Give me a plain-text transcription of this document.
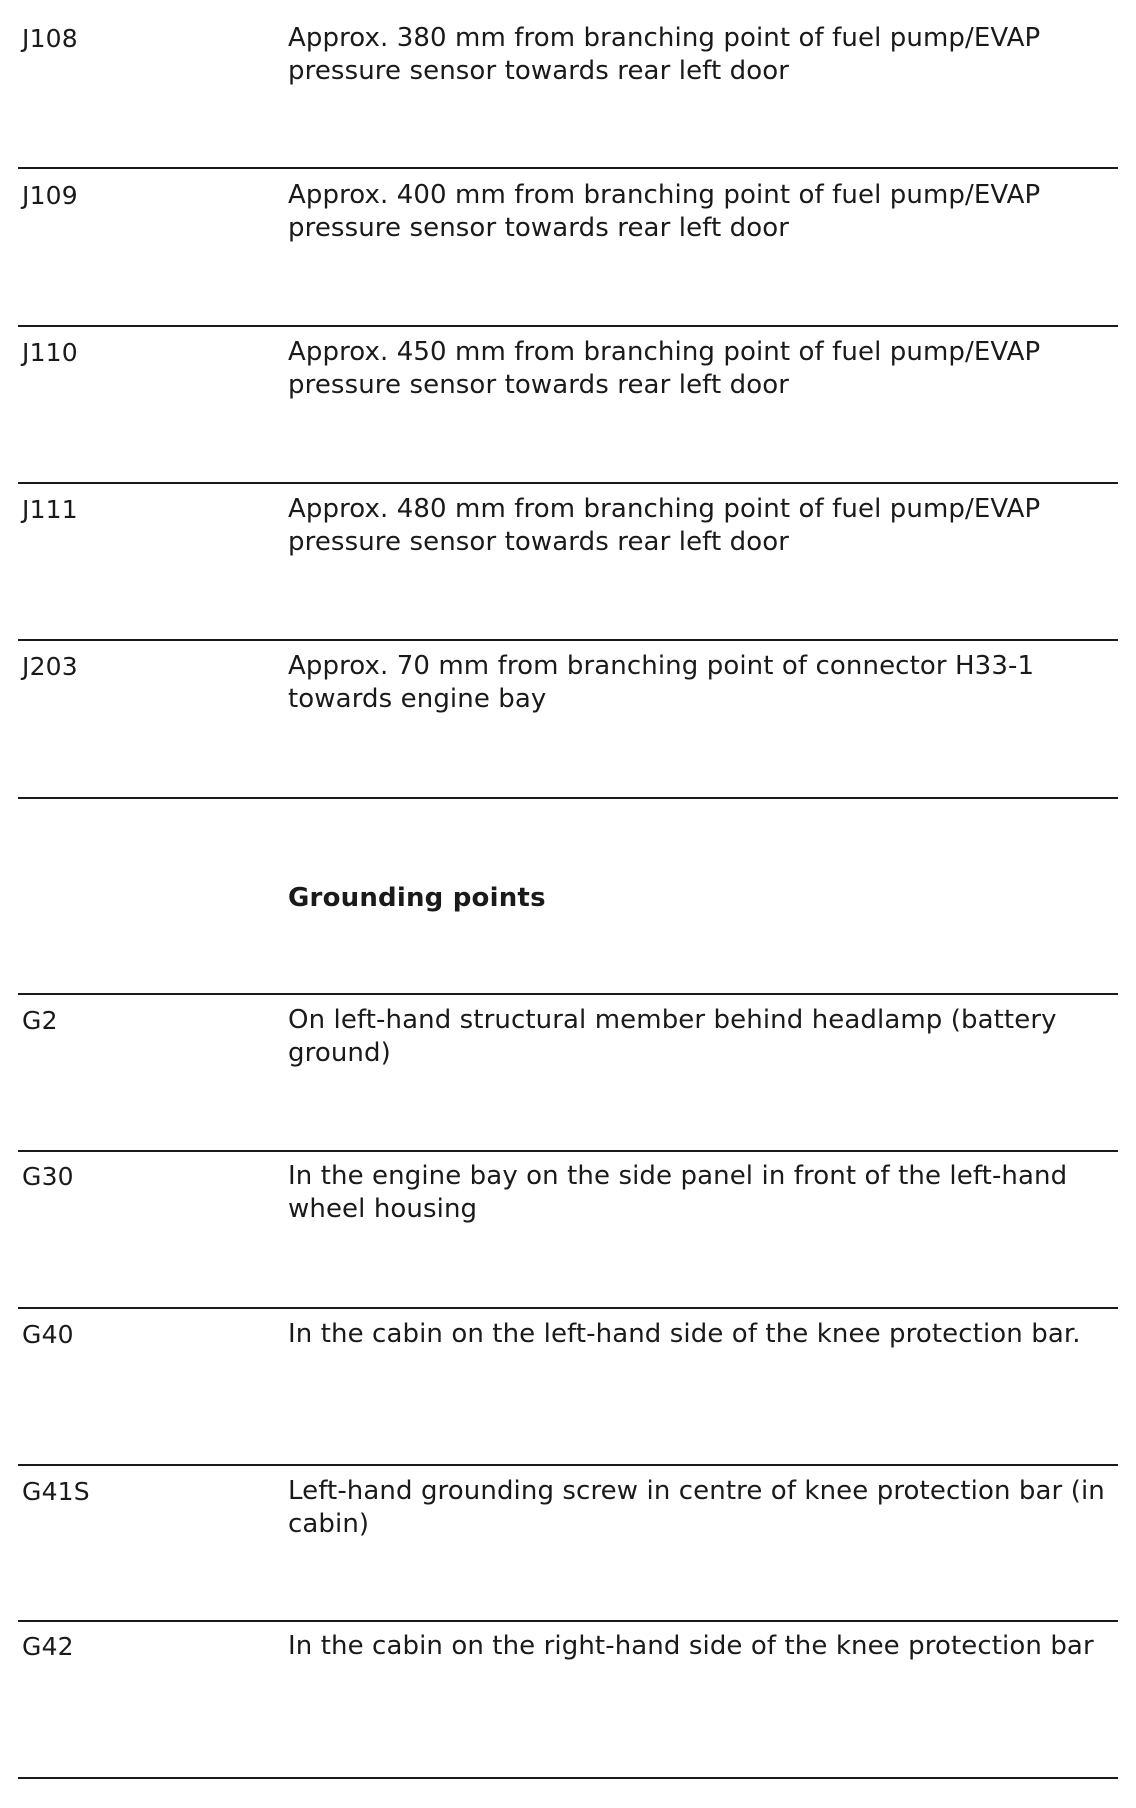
J108	Approx. 380 mm from branching point of fuel pump/EVAP pressure sensor towards rear left door
J109	Approx. 400 mm from branching point of fuel pump/EVAP pressure sensor towards rear left door
J110	Approx. 450 mm from branching point of fuel pump/EVAP pressure sensor towards rear left door
J111	Approx. 480 mm from branching point of fuel pump/EVAP pressure sensor towards rear left door
J203	Approx. 70 mm from branching point of connector H33-1 towards engine bay
Grounding points
G2	On left-hand structural member behind headlamp (battery ground)
G30	In the engine bay on the side panel in front of the left-hand wheel housing
G40	In the cabin on the left-hand side of the knee protection bar.
G41S	Left-hand grounding screw in centre of knee protection bar (in cabin)
G42	In the cabin on the right-hand side of the knee protection bar
